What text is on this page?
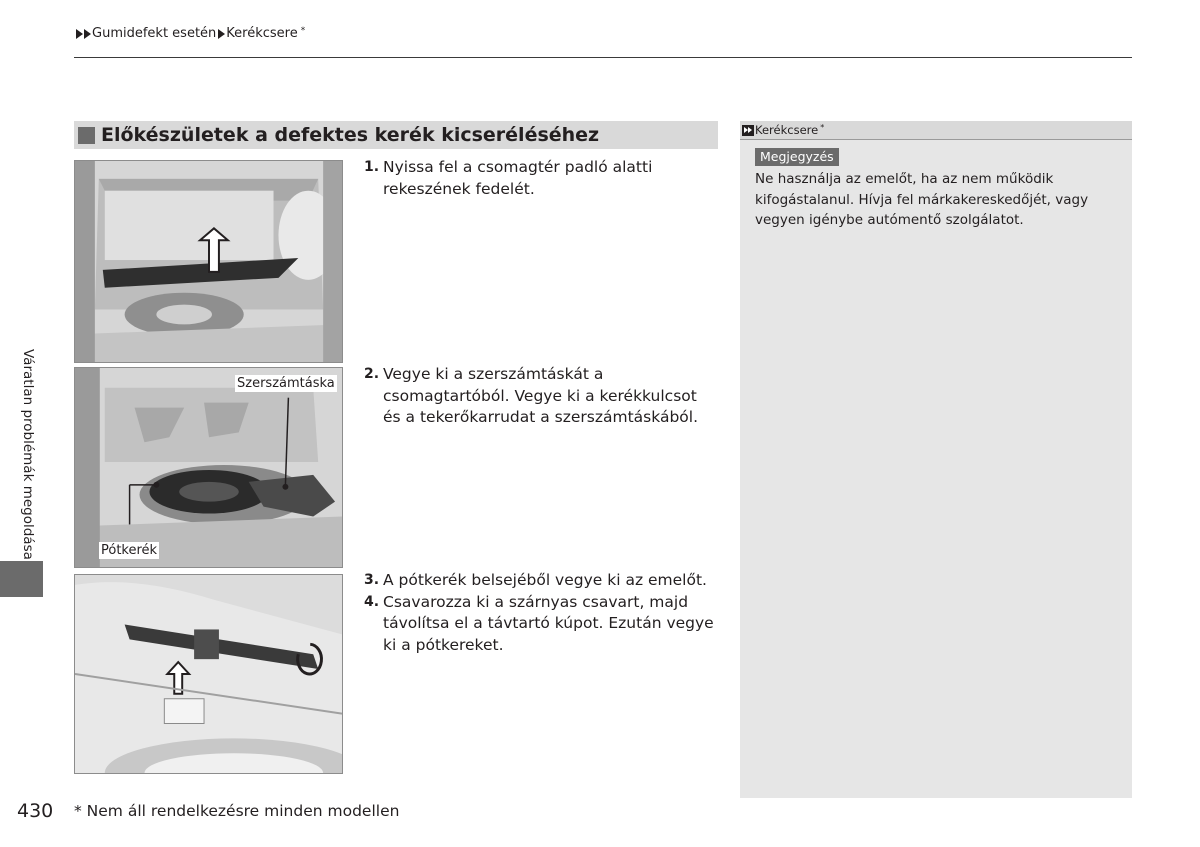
Gumidefekt esetén Kerékcsere *
Előkészületek a defektes kerék kicseréléséhez
Szerszámtáska
Pótkerék
1. Nyissa fel a csomagtér padló alatti rekeszének fedelét.
2. Vegye ki a szerszámtáskát a csomagtartóból. Vegye ki a kerékkulcsot és a tekerőkarrudat a szerszámtáskából.
3. A pótkerék belsejéből vegye ki az emelőt.
4. Csavarozza ki a szárnyas csavart, majd távolítsa el a távtartó kúpot. Ezután vegye ki a pótkereket.
Kerékcsere *
Megjegyzés
Ne használja az emelőt, ha az nem működik kifogástalanul. Hívja fel márkakereskedőjét, vagy vegyen igénybe autómentő szolgálatot.
Váratlan problémák megoldása
430 * Nem áll rendelkezésre minden modellen
